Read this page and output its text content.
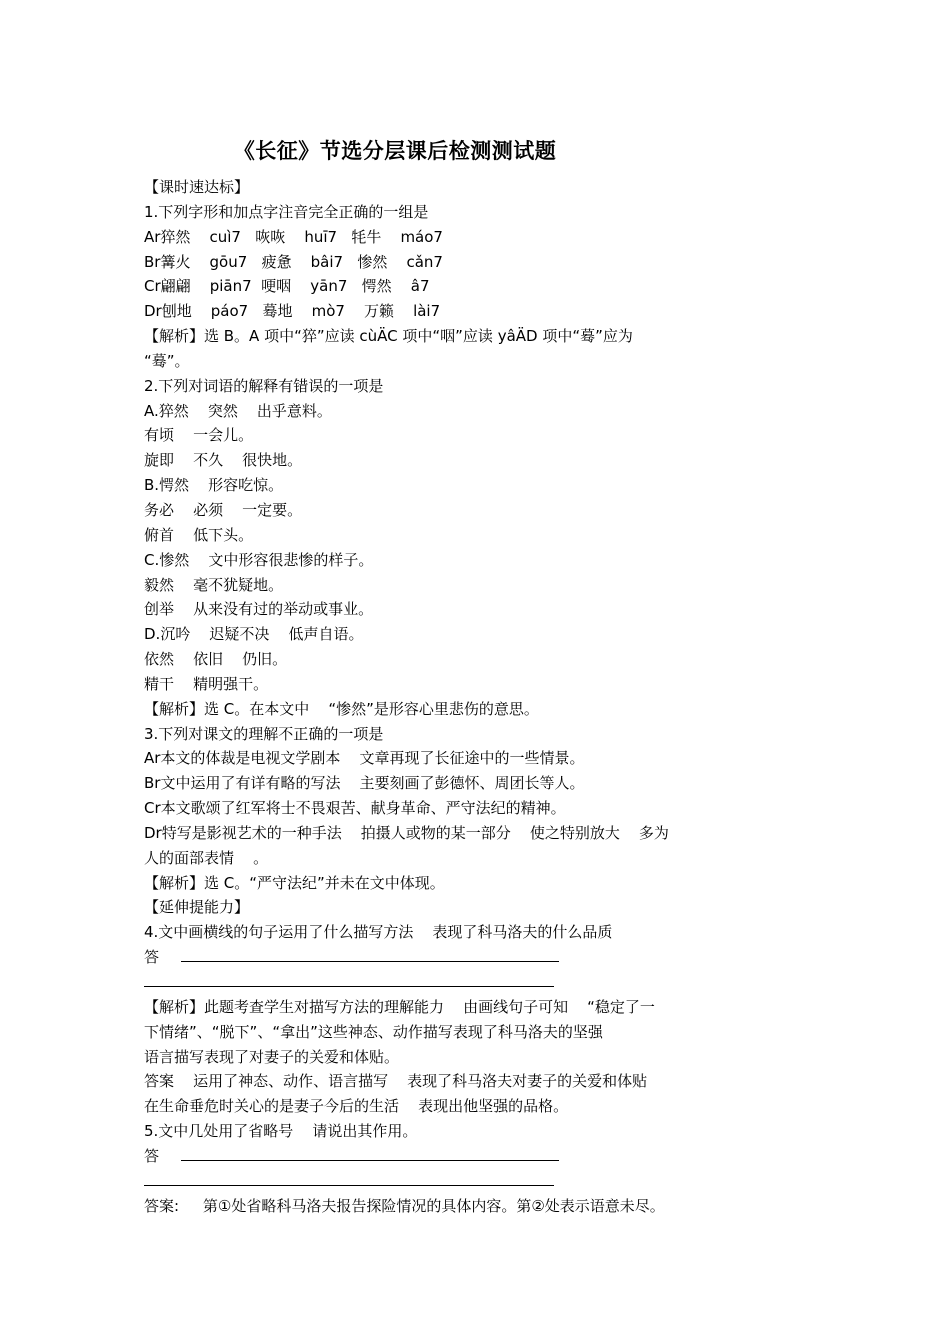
《长征》节选分层课后检测测试题
【课时速达标】
1.下列字形和加点字注音完全正确的一组是
Ar猝然    cuì7   咴咴    huī7   牦牛    máo7
Br篝火    gōu7   疲惫    bâi7   惨然    cǎn7
Cr翩翩    piān7  哽咽    yān7   愕然    â7
Dr刨地    páo7   蓦地    mò7    万籁    lài7
【解析】选 B。A 项中“猝”应读 cùÄC 项中“咽”应读 yâÄD 项中“蓦”应为
“蓦”。
2.下列对词语的解释有错误的一项是
A.猝然    突然    出乎意料。
有顷    一会儿。
旋即    不久    很快地。
B.愕然    形容吃惊。
务必    必须    一定要。
俯首    低下头。
C.惨然    文中形容很悲惨的样子。
毅然    毫不犹疑地。
创举    从来没有过的举动或事业。
D.沉吟    迟疑不决    低声自语。
依然    依旧    仍旧。
精干    精明强干。
【解析】选 C。在本文中    “惨然”是形容心里悲伤的意思。
3.下列对课文的理解不正确的一项是
Ar本文的体裁是电视文学剧本    文章再现了长征途中的一些情景。
Br文中运用了有详有略的写法    主要刻画了彭德怀、周团长等人。
Cr本文歌颂了红军将士不畏艰苦、献身革命、严守法纪的精神。
Dr特写是影视艺术的一种手法    拍摄人或物的某一部分    使之特别放大    多为
人的面部表情    。
【解析】选 C。“严守法纪”并未在文中体现。
【延伸提能力】
4.文中画横线的句子运用了什么描写方法    表现了科马洛夫的什么品质
答
【解析】此题考查学生对描写方法的理解能力    由画线句子可知    “稳定了一
下情绪”、“脱下”、“拿出”这些神态、动作描写表现了科马洛夫的坚强
语言描写表现了对妻子的关爱和体贴。
答案    运用了神态、动作、语言描写    表现了科马洛夫对妻子的关爱和体贴
在生命垂危时关心的是妻子今后的生活    表现出他坚强的品格。
5.文中几处用了省略号    请说出其作用。
答
答案:     第①处省略科马洛夫报告探险情况的具体内容。第②处表示语意未尽。
